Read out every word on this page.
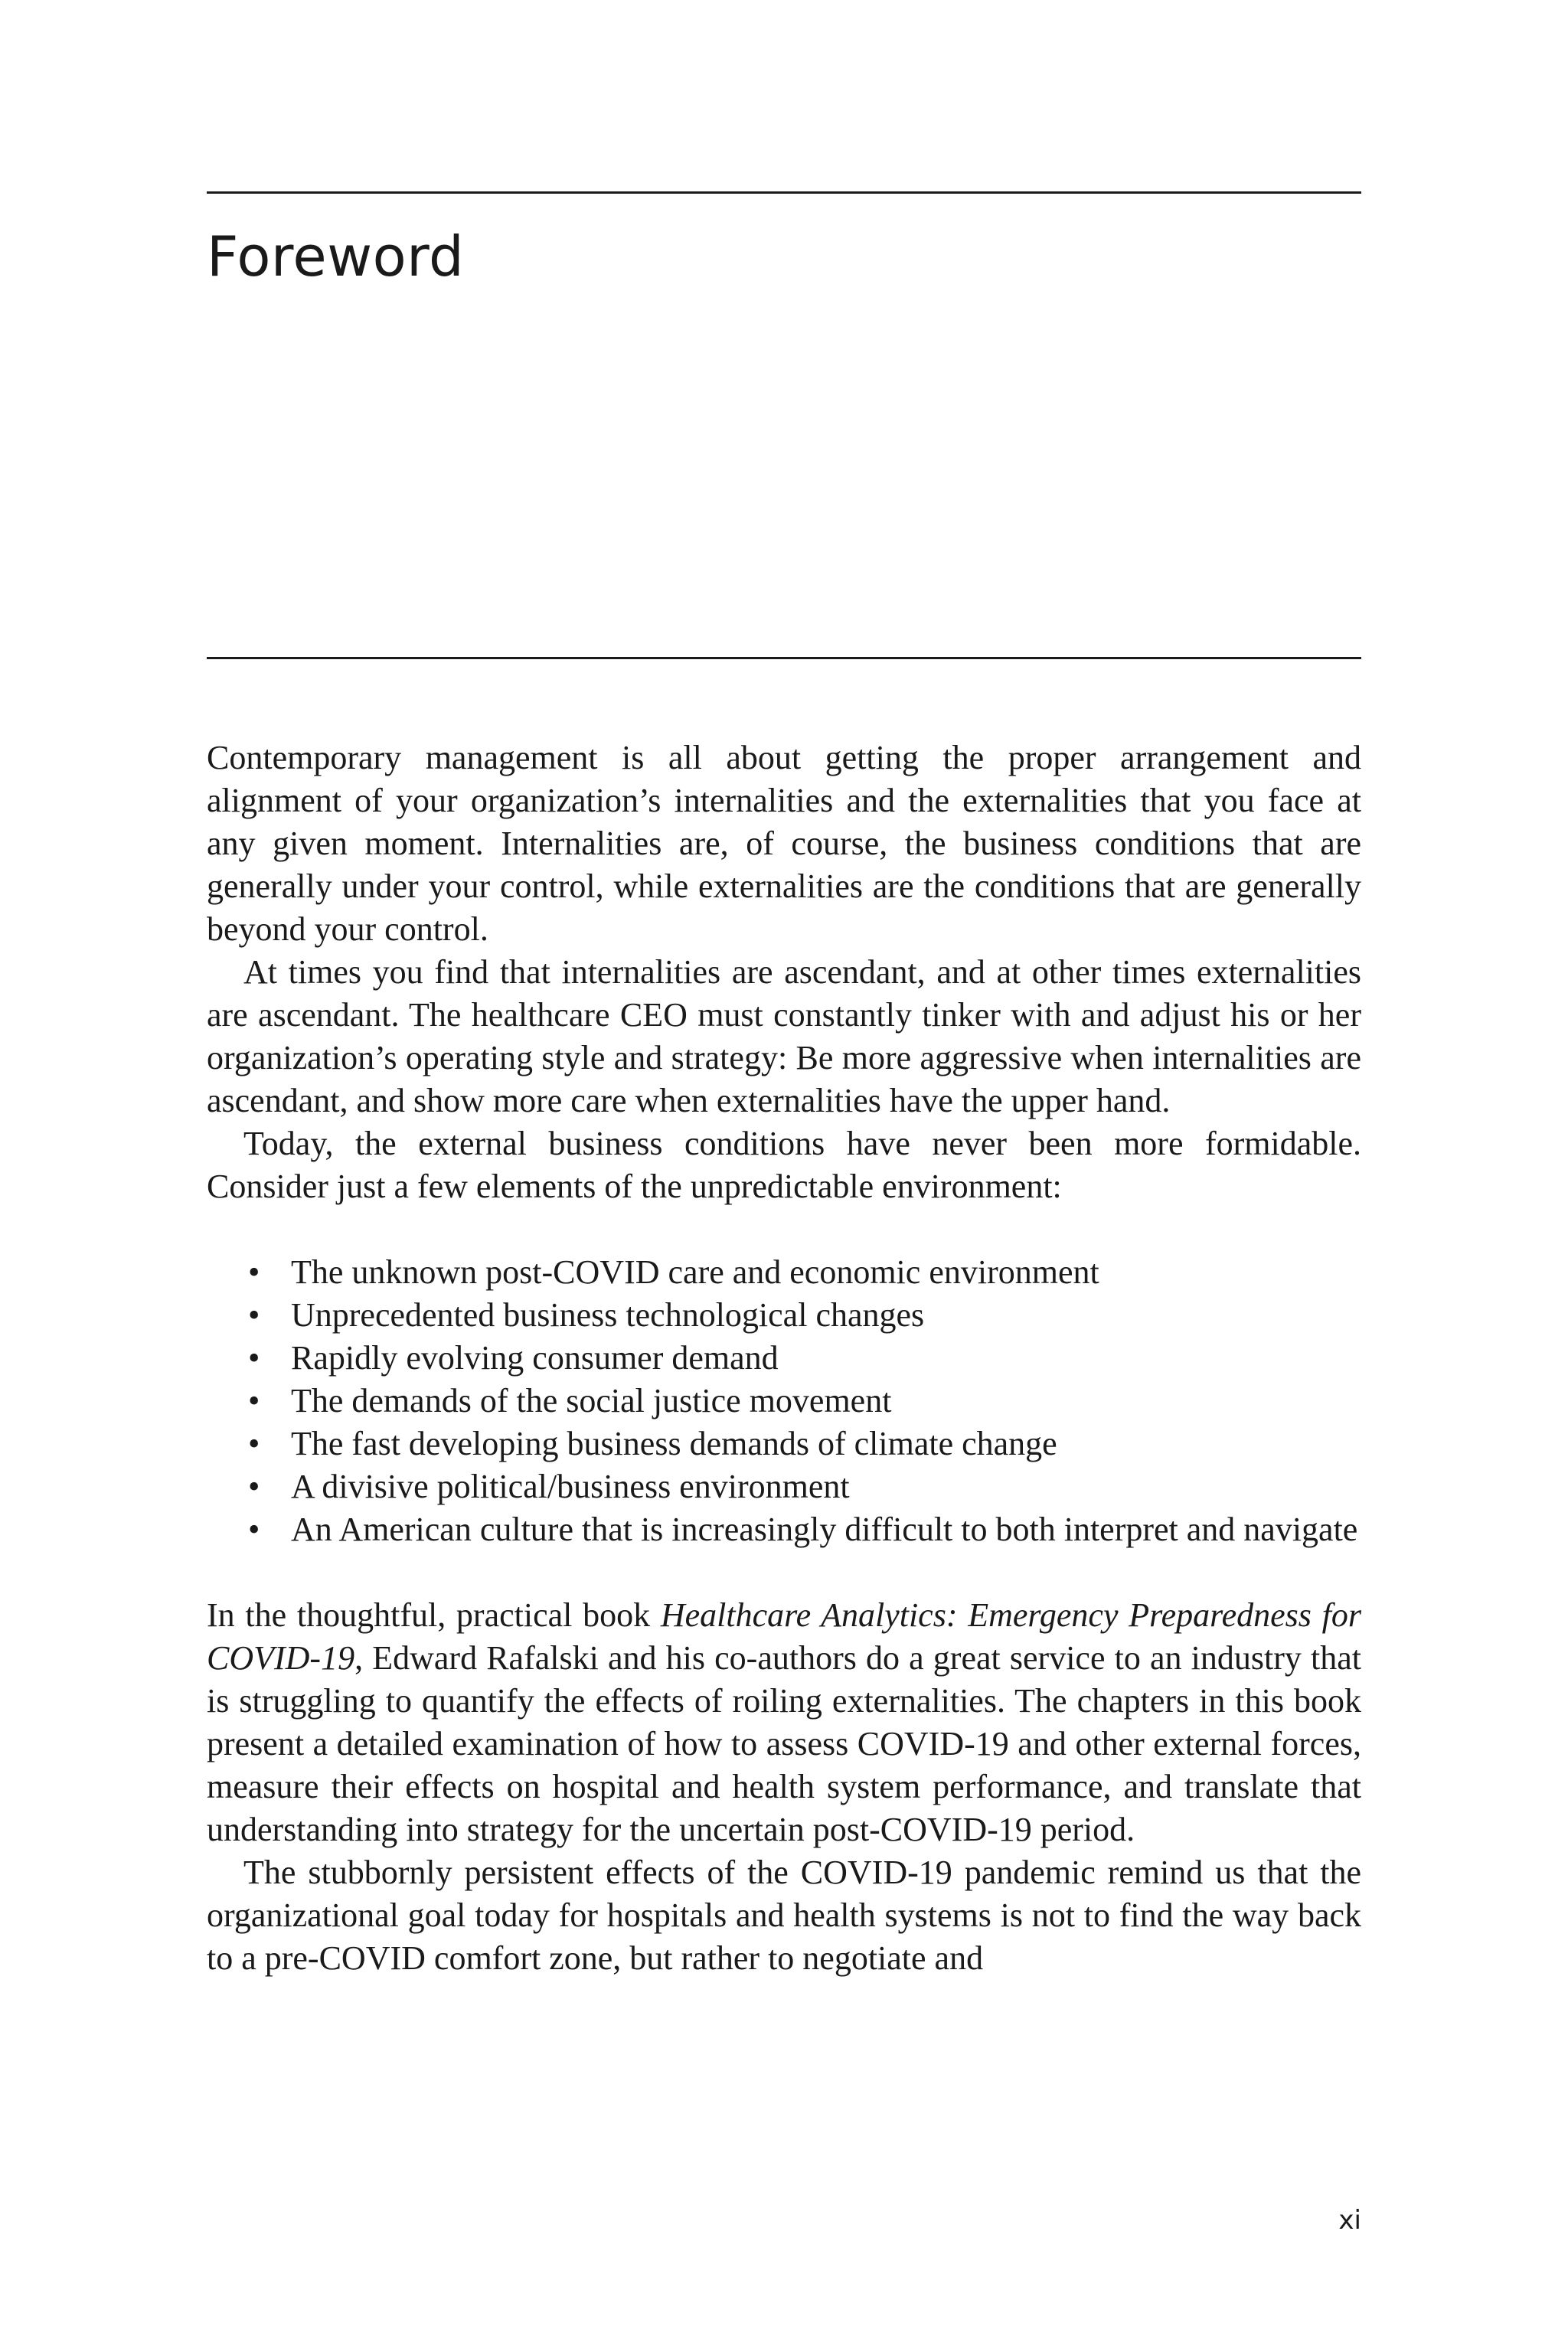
Foreword

Contemporary management is all about getting the proper arrangement and alignment of your organization’s internalities and the externalities that you face at any given moment. Internalities are, of course, the business conditions that are generally under your control, while externalities are the conditions that are generally beyond your control.

At times you find that internalities are ascendant, and at other times externalities are ascendant. The healthcare CEO must constantly tinker with and adjust his or her organization’s operating style and strategy: Be more aggressive when internalities are ascendant, and show more care when externalities have the upper hand.

Today, the external business conditions have never been more formidable. Consider just a few elements of the unpredictable environment:

• The unknown post-COVID care and economic environment
• Unprecedented business technological changes
• Rapidly evolving consumer demand
• The demands of the social justice movement
• The fast developing business demands of climate change
• A divisive political/business environment
• An American culture that is increasingly difficult to both interpret and navigate

In the thoughtful, practical book Healthcare Analytics: Emergency Preparedness for COVID-19, Edward Rafalski and his co-authors do a great service to an industry that is struggling to quantify the effects of roiling externalities. The chapters in this book present a detailed examination of how to assess COVID-19 and other external forces, measure their effects on hospital and health system performance, and translate that understanding into strategy for the uncertain post-COVID-19 period.

The stubbornly persistent effects of the COVID-19 pandemic remind us that the organizational goal today for hospitals and health systems is not to find the way back to a pre-COVID comfort zone, but rather to negotiate and

xi
